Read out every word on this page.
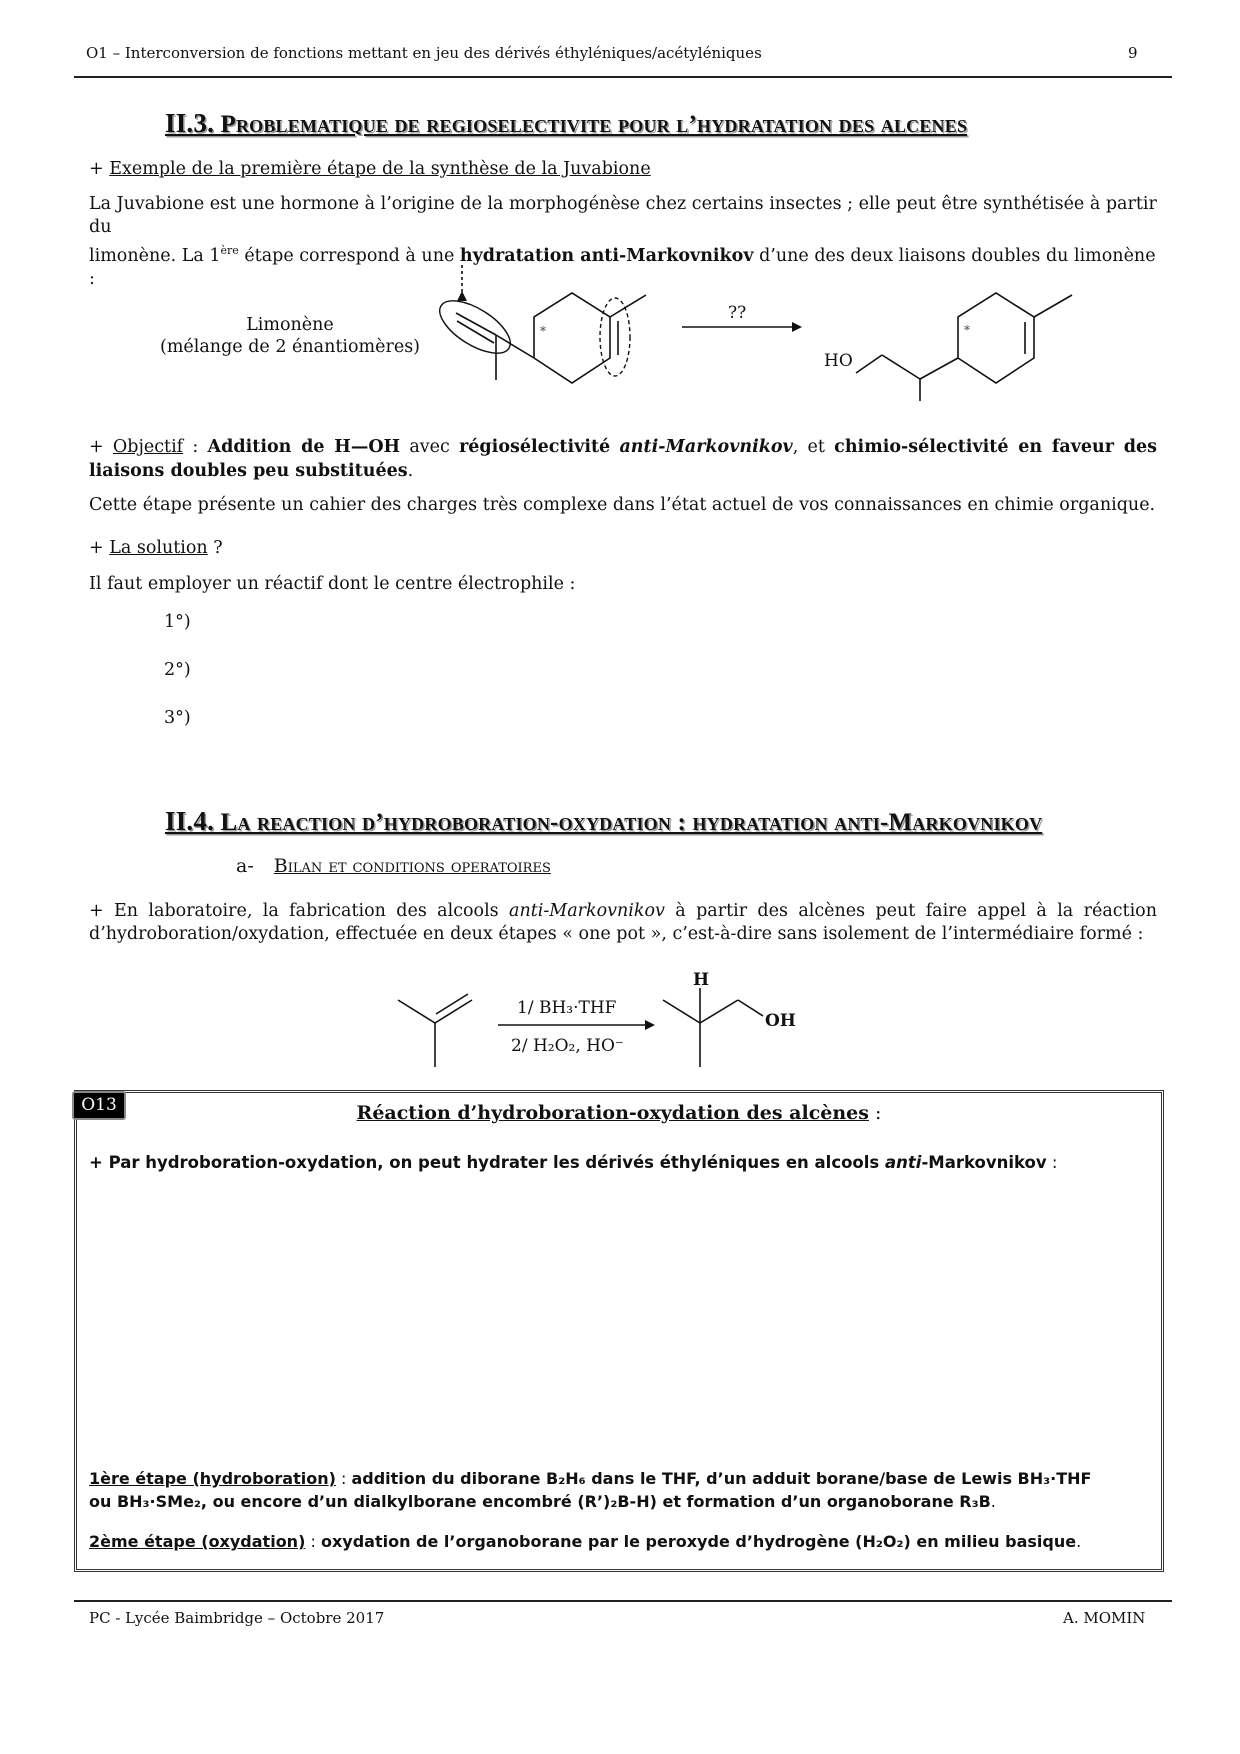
O1 – Interconversion de fonctions mettant en jeu des dérivés éthyléniques/acétyléniques	9
II.3. Problematique de regioselectivite pour l’hydratation des alcenes
+ Exemple de la première étape de la synthèse de la Juvabione
La Juvabione est une hormone à l’origine de la morphogénèse chez certains insectes ; elle peut être synthétisée à partir du
limonène. La 1ère étape correspond à une hydratation anti-Markovnikov d’une des deux liaisons doubles du limonène :
Limonène
(mélange de 2 énantiomères)
*
??
*
HO
+ Objectif : Addition de H—OH avec régiosélectivité anti-Markovnikov, et chimio-sélectivité en faveur des liaisons doubles peu substituées.
Cette étape présente un cahier des charges très complexe dans l’état actuel de vos connaissances en chimie organique.
+ La solution ?
Il faut employer un réactif dont le centre électrophile :
1°)
2°)
3°)
II.4. La reaction d’hydroboration-oxydation : hydratation anti-Markovnikov
a- Bilan et conditions operatoires
+ En laboratoire, la fabrication des alcools anti-Markovnikov à partir des alcènes peut faire appel à la réaction
d’hydroboration/oxydation, effectuée en deux étapes « one pot », c’est-à-dire sans isolement de l’intermédiaire formé :
1/ BH₃·THF
2/ H₂O₂, HO⁻
H
OH
O13	Réaction d’hydroboration-oxydation des alcènes :
+ Par hydroboration-oxydation, on peut hydrater les dérivés éthyléniques en alcools anti-Markovnikov :
1ère étape (hydroboration) : addition du diborane B₂H₆ dans le THF, d’un adduit borane/base de Lewis BH₃·THF
ou BH₃·SMe₂, ou encore d’un dialkylborane encombré (R’)₂B-H) et formation d’un organoborane R₃B.
2ème étape (oxydation) : oxydation de l’organoborane par le peroxyde d’hydrogène (H₂O₂) en milieu basique.
PC - Lycée Baimbridge – Octobre 2017	A. MOMIN
